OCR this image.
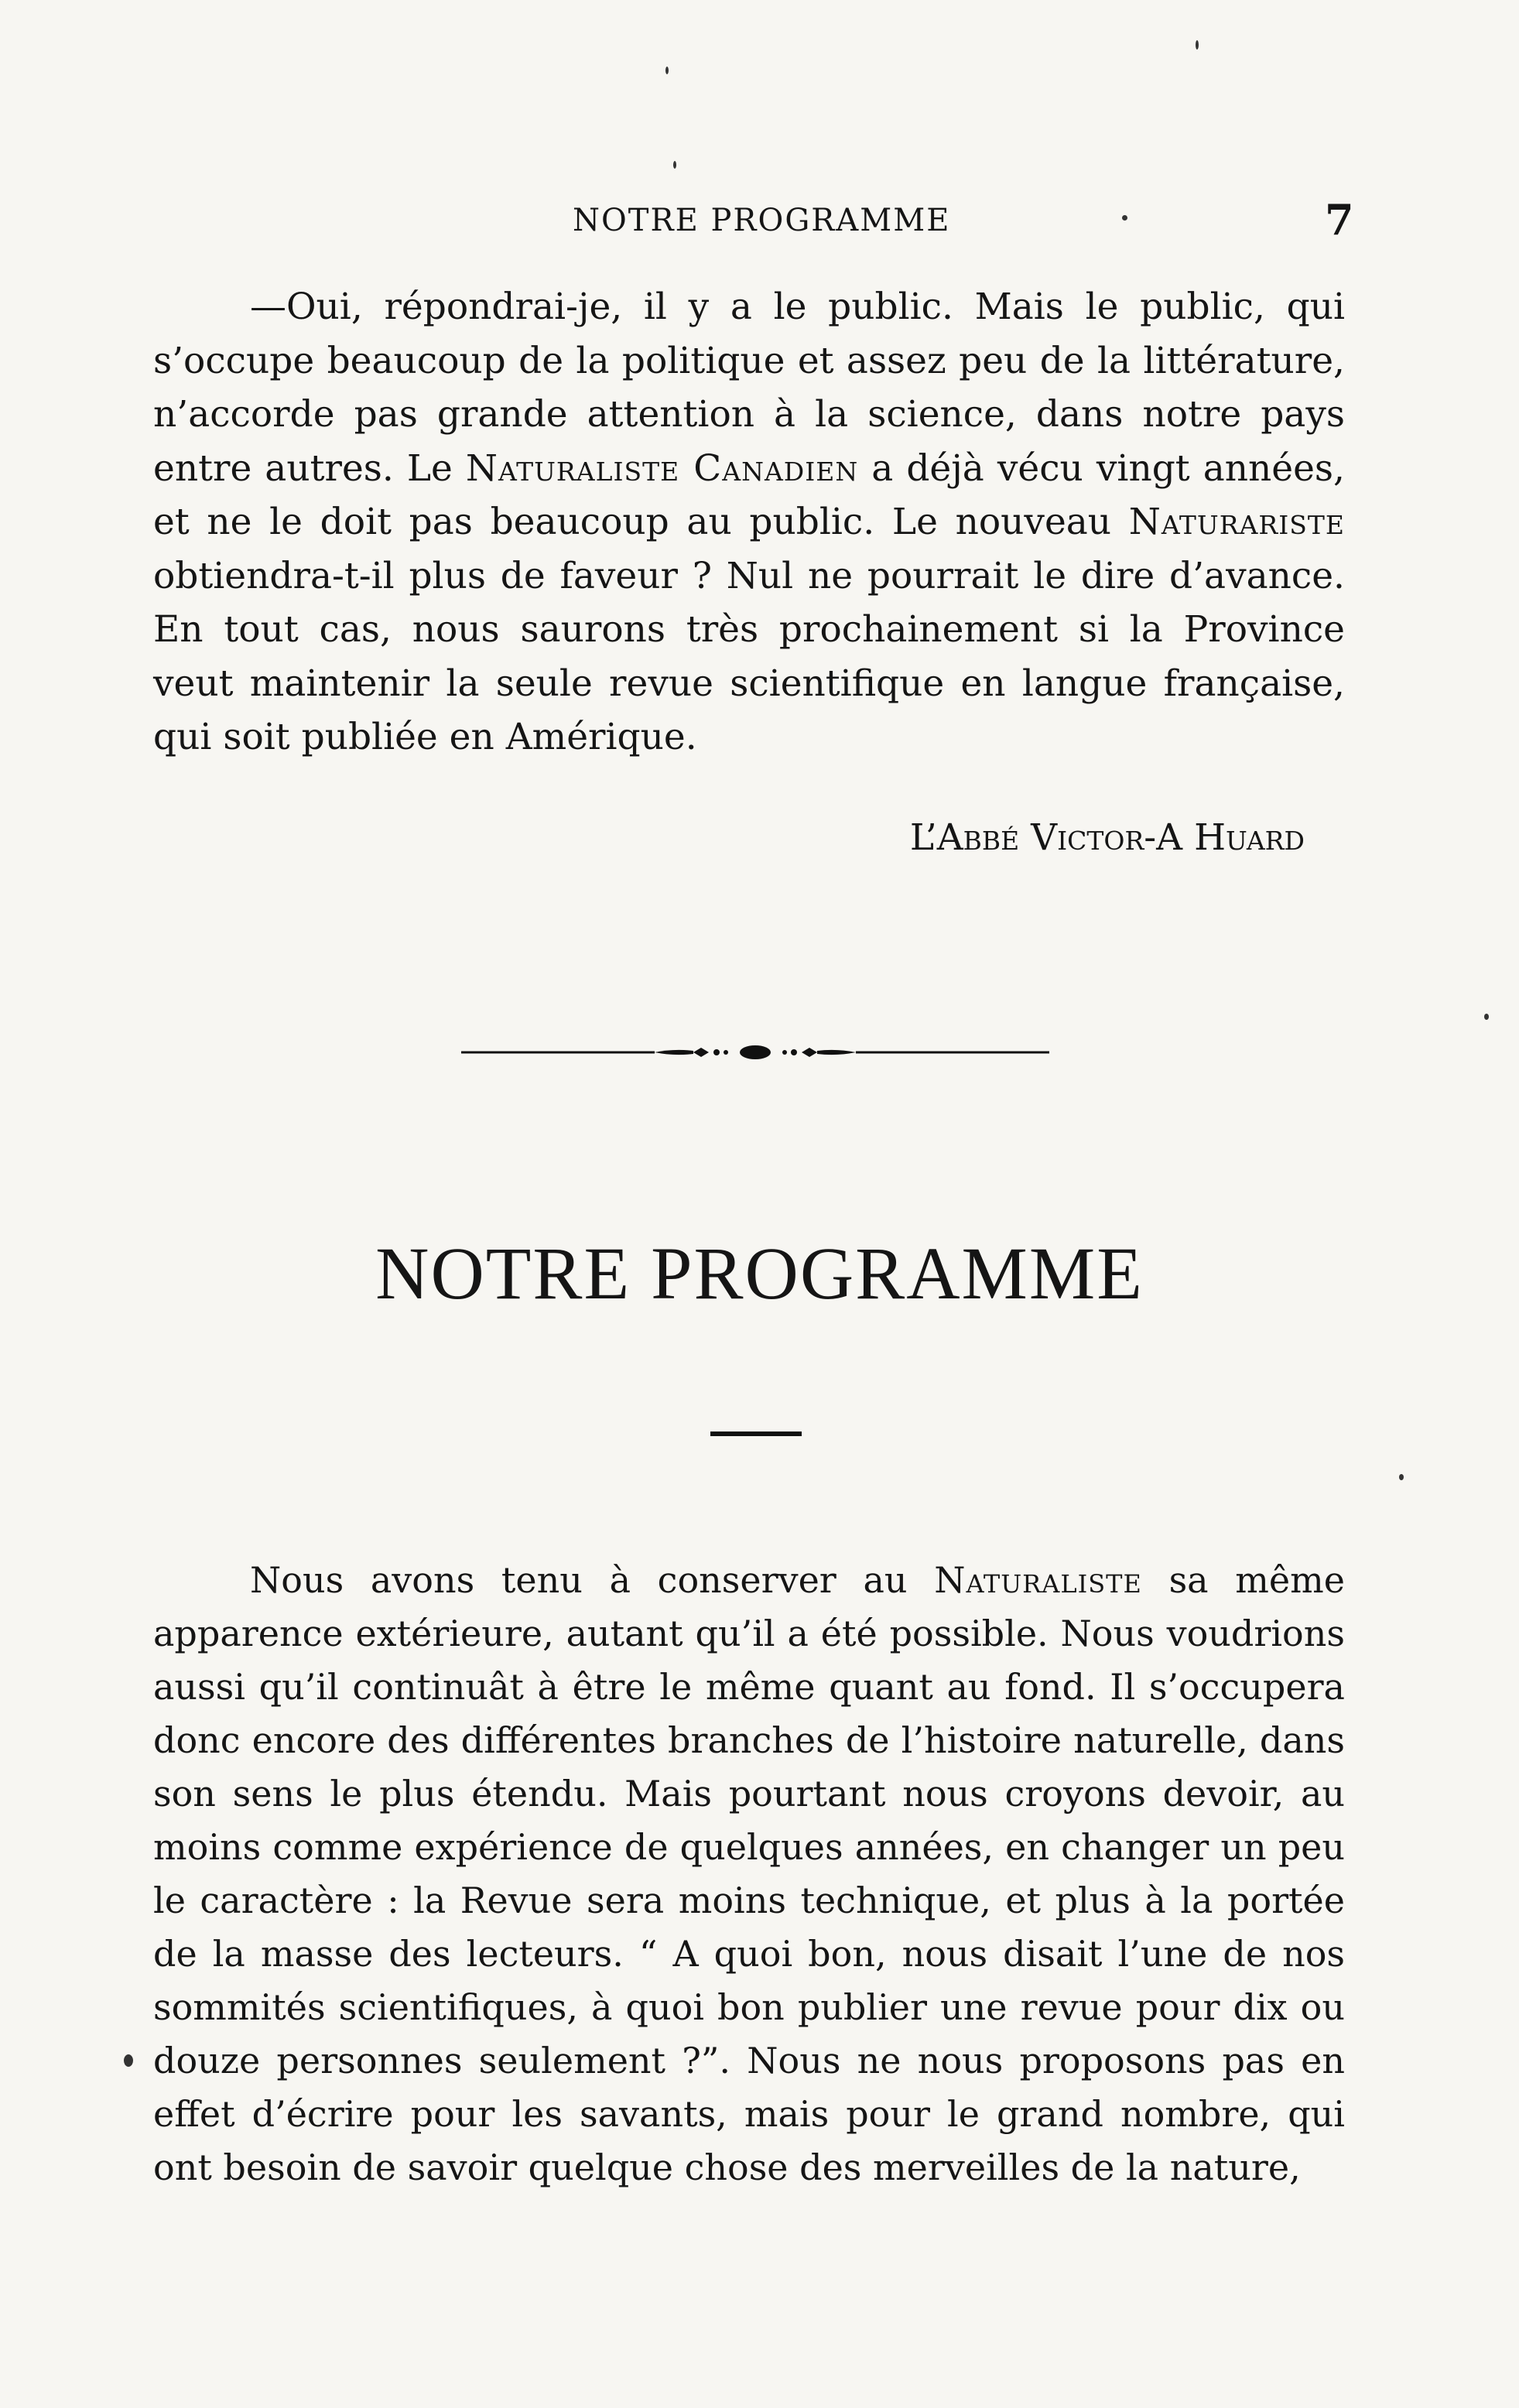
NOTRE PROGRAMME	7

—Oui, répondrai-je, il y a le public. Mais le public, qui s’occupe beaucoup de la politique et assez peu de la littérature, n’accorde pas grande attention à la science, dans notre pays entre autres. Le Naturaliste Canadien a déjà vécu vingt années, et ne le doit pas beaucoup au public. Le nouveau Naturariste obtiendra-t-il plus de faveur ? Nul ne pourrait le dire d’avance. En tout cas, nous saurons très prochainement si la Province veut maintenir la seule revue scientifique en langue française, qui soit publiée en Amérique.

L’Abbé Victor-A Huard
NOTRE PROGRAMME

Nous avons tenu à conserver au Naturaliste sa même apparence extérieure, autant qu’il a été possible. Nous voudrions aussi qu’il continuât à être le même quant au fond. Il s’occupera donc encore des différentes branches de l’histoire naturelle, dans son sens le plus étendu. Mais pourtant nous croyons devoir, au moins comme expérience de quelques années, en changer un peu le caractère : la Revue sera moins technique, et plus à la portée de la masse des lecteurs. “ A quoi bon, nous disait l’une de nos sommités scientifiques, à quoi bon publier une revue pour dix ou douze personnes seulement ?”. Nous ne nous proposons pas en effet d’écrire pour les savants, mais pour le grand nombre, qui ont besoin de savoir quelque chose des merveilles de la nature,
